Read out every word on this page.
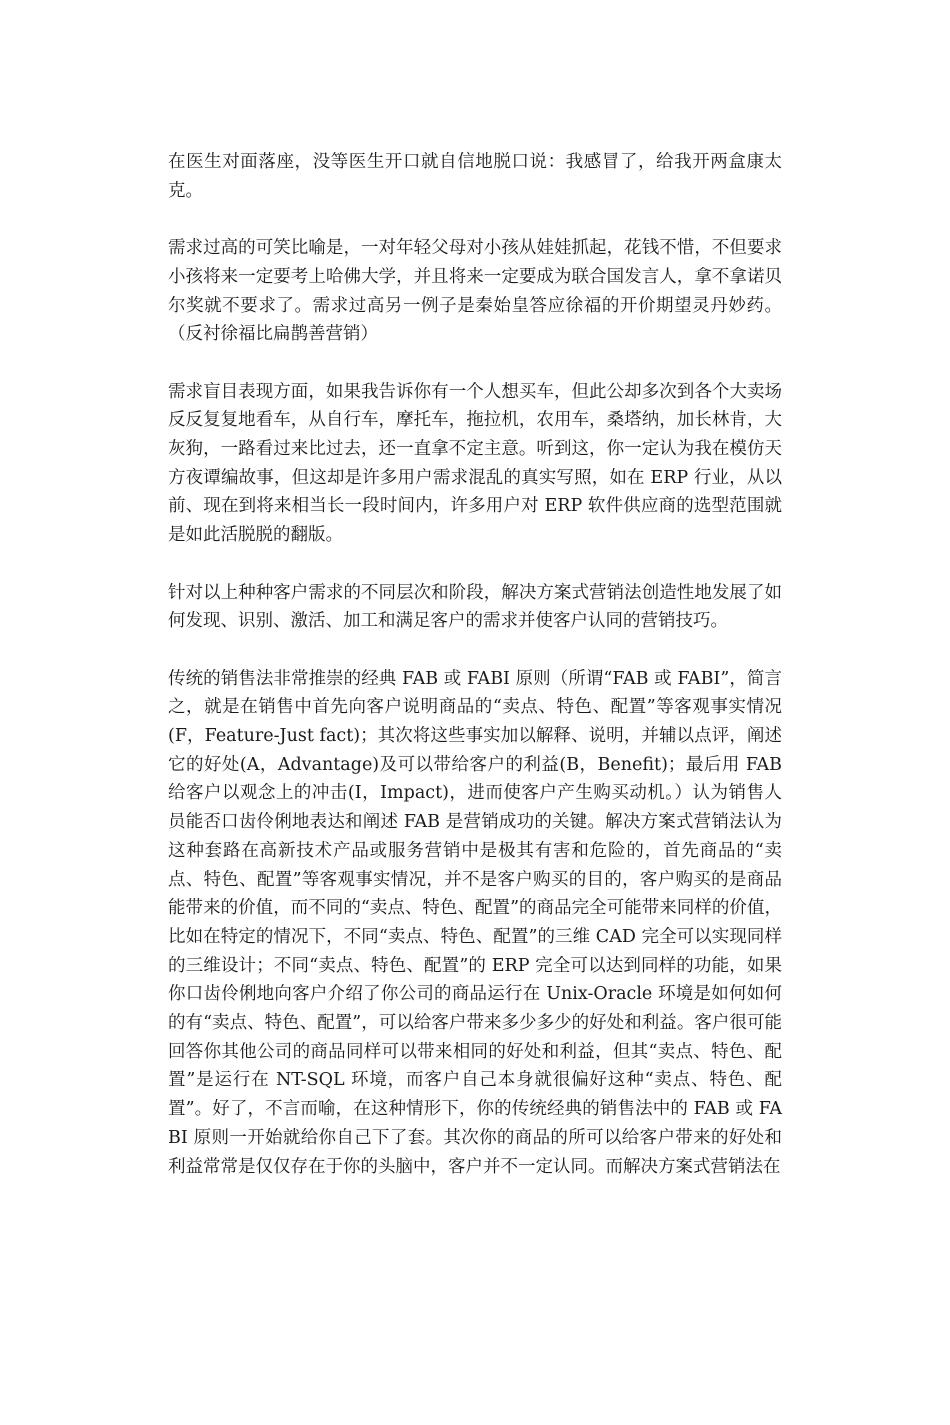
在医生对面落座，没等医生开口就自信地脱口说：我感冒了，给我开两盒康太克。

需求过高的可笑比喻是，一对年轻父母对小孩从娃娃抓起，花钱不惜，不但要求小孩将来一定要考上哈佛大学，并且将来一定要成为联合国发言人，拿不拿诺贝尔奖就不要求了。需求过高另一例子是秦始皇答应徐福的开价期望灵丹妙药。（反衬徐福比扁鹊善营销）

需求盲目表现方面，如果我告诉你有一个人想买车，但此公却多次到各个大卖场反反复复地看车，从自行车，摩托车，拖拉机，农用车，桑塔纳，加长林肯，大灰狗，一路看过来比过去，还一直拿不定主意。听到这，你一定认为我在模仿天方夜谭编故事，但这却是许多用户需求混乱的真实写照，如在 ERP 行业，从以前、现在到将来相当长一段时间内，许多用户对 ERP 软件供应商的选型范围就是如此活脱脱的翻版。

针对以上种种客户需求的不同层次和阶段，解决方案式营销法创造性地发展了如何发现、识别、激活、加工和满足客户的需求并使客户认同的营销技巧。

传统的销售法非常推崇的经典 FAB 或 FABI 原则（所谓“FAB 或 FABI”，简言之，就是在销售中首先向客户说明商品的“卖点、特色、配置”等客观事实情况(F，Feature-Just fact)；其次将这些事实加以解释、说明，并辅以点评，阐述它的好处(A，Advantage)及可以带给客户的利益(B，Benefit)；最后用 FAB 给客户以观念上的冲击(I，Impact)，进而使客户产生购买动机。）认为销售人员能否口齿伶俐地表达和阐述 FAB 是营销成功的关键。解决方案式营销法认为这种套路在高新技术产品或服务营销中是极其有害和危险的，首先商品的“卖点、特色、配置”等客观事实情况，并不是客户购买的目的，客户购买的是商品能带来的价值，而不同的“卖点、特色、配置”的商品完全可能带来同样的价值，比如在特定的情况下，不同“卖点、特色、配置”的三维 CAD 完全可以实现同样的三维设计；不同“卖点、特色、配置”的 ERP 完全可以达到同样的功能，如果你口齿伶俐地向客户介绍了你公司的商品运行在 Unix-Oracle 环境是如何如何的有“卖点、特色、配置”，可以给客户带来多少多少的好处和利益。客户很可能回答你其他公司的商品同样可以带来相同的好处和利益，但其“卖点、特色、配置”是运行在 NT-SQL 环境，而客户自己本身就很偏好这种“卖点、特色、配置”。好了，不言而喻，在这种情形下，你的传统经典的销售法中的 FAB 或 FABI 原则一开始就给你自己下了套。其次你的商品的所可以给客户带来的好处和利益常常是仅仅存在于你的头脑中，客户并不一定认同。而解决方案式营销法在
